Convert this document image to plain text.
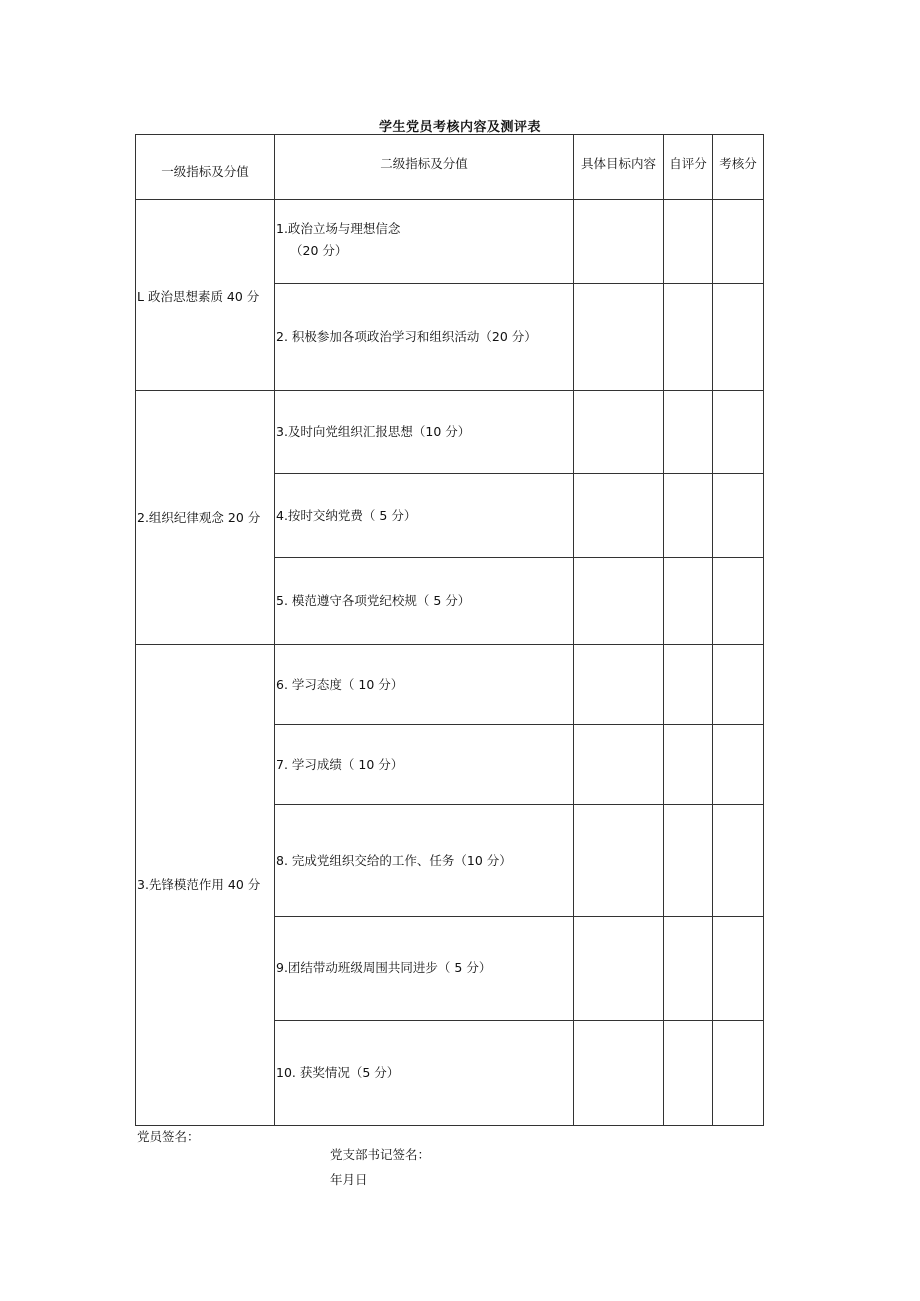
学生党员考核内容及测评表
一级指标及分值	二级指标及分值	具体目标内容	自评分	考核分
L 政治思想素质 40 分	1.政治立场与理想信念
（20 分）			

	2. 积极参加各项政治学习和组织活动（20 分）			
2.组织纪律观念 20 分	3.及时向党组织汇报思想（10 分）			
	4.按时交纳党费（ 5 分）			
	5. 模范遵守各项党纪校规（ 5 分）			
3.先锋模范作用 40 分	6. 学习态度（ 10 分）			
	7. 学习成绩（ 10 分）			
	8. 完成党组织交给的工作、任务（10 分）			
	9.团结带动班级周围共同进步（ 5 分）			
	10. 获奖情况（5 分）			
党员签名：
党支部书记签名：
年月日
